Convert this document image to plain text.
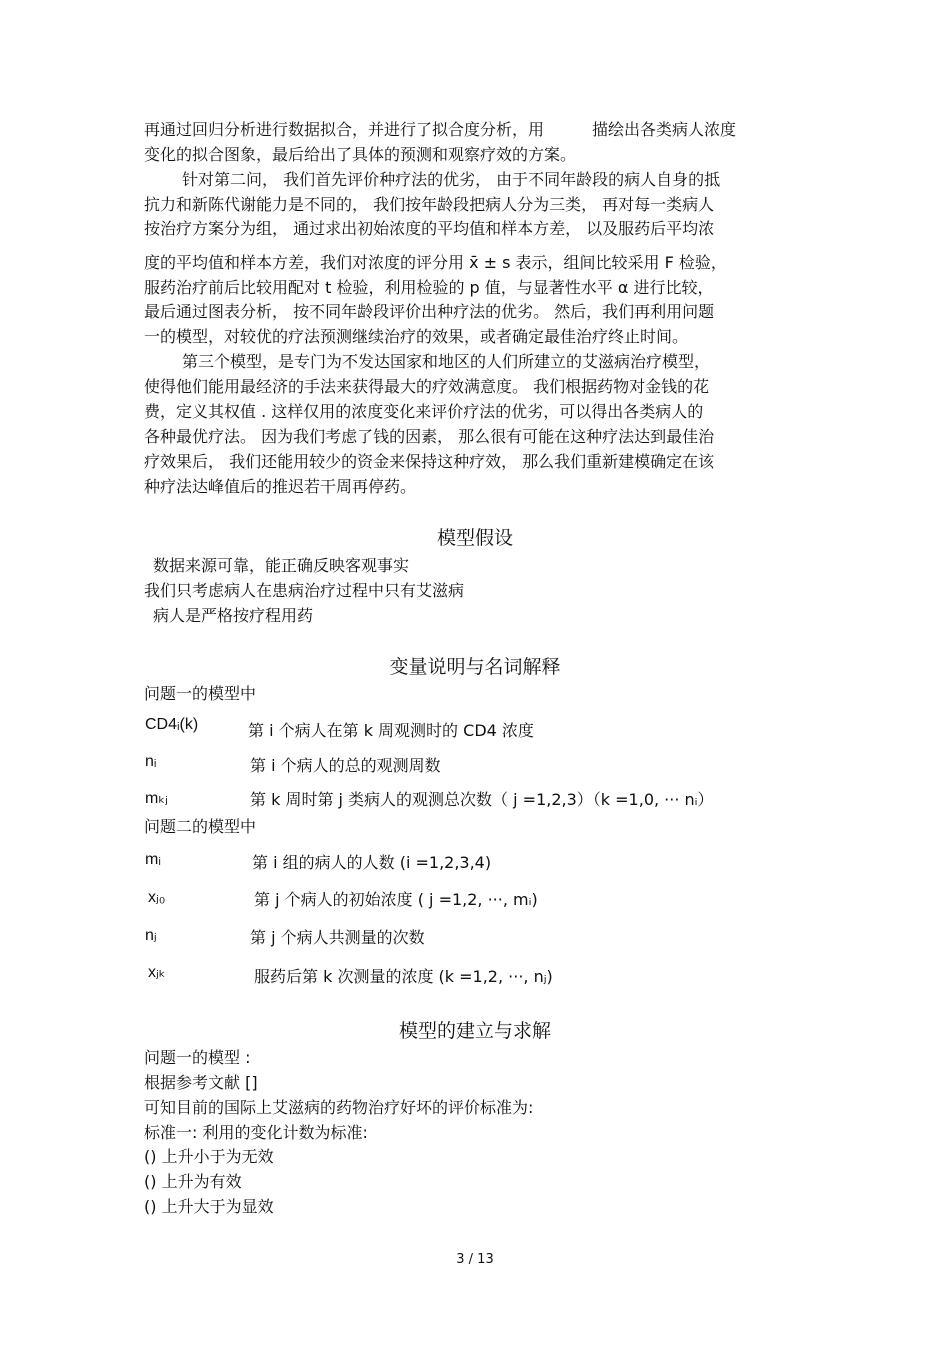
再通过回归分析进行数据拟合，并进行了拟合度分析，用　　　描绘出各类病人浓度
变化的拟合图象，最后给出了具体的预测和观察疗效的方案。
针对第二问， 我们首先评价种疗法的优劣， 由于不同年龄段的病人自身的抵
抗力和新陈代谢能力是不同的， 我们按年龄段把病人分为三类， 再对每一类病人
按治疗方案分为组， 通过求出初始浓度的平均值和样本方差， 以及服药后平均浓
度的平均值和样本方差，我们对浓度的评分用 x̄ ± s 表示，组间比较采用 F 检验，
服药治疗前后比较用配对 t 检验，利用检验的 p 值，与显著性水平 α 进行比较，
最后通过图表分析， 按不同年龄段评价出种疗法的优劣。 然后，我们再利用问题
一的模型，对较优的疗法预测继续治疗的效果，或者确定最佳治疗终止时间。
第三个模型，是专门为不发达国家和地区的人们所建立的艾滋病治疗模型，
使得他们能用最经济的手法来获得最大的疗效满意度。 我们根据药物对金钱的花
费，定义其权值 . 这样仅用的浓度变化来评价疗法的优劣，可以得出各类病人的
各种最优疗法。 因为我们考虑了钱的因素， 那么很有可能在这种疗法达到最佳治
疗效果后， 我们还能用较少的资金来保持这种疗效， 那么我们重新建模确定在该
种疗法达峰值后的推迟若干周再停药。
模型假设
数据来源可靠，能正确反映客观事实
我们只考虑病人在患病治疗过程中只有艾滋病
病人是严格按疗程用药
变量说明与名词解释
问题一的模型中
CD4ᵢ(k)	第 i 个病人在第 k 周观测时的 CD4 浓度
nᵢ	第 i 个病人的总的观测周数
mₖⱼ	第 k 周时第 j 类病人的观测总次数（ j =1,2,3）（k =1,0, ··· nᵢ）
问题二的模型中
mᵢ	第 i 组的病人的人数 (i =1,2,3,4)
xⱼ₀	第 j 个病人的初始浓度 ( j =1,2, ···, mᵢ)
nⱼ	第 j 个病人共测量的次数
xⱼₖ	服药后第 k 次测量的浓度 (k =1,2, ···, nⱼ)
模型的建立与求解
问题一的模型 :
根据参考文献 []
可知目前的国际上艾滋病的药物治疗好坏的评价标准为:
标准一: 利用的变化计数为标准:
() 上升小于为无效
() 上升为有效
() 上升大于为显效
3 / 13
